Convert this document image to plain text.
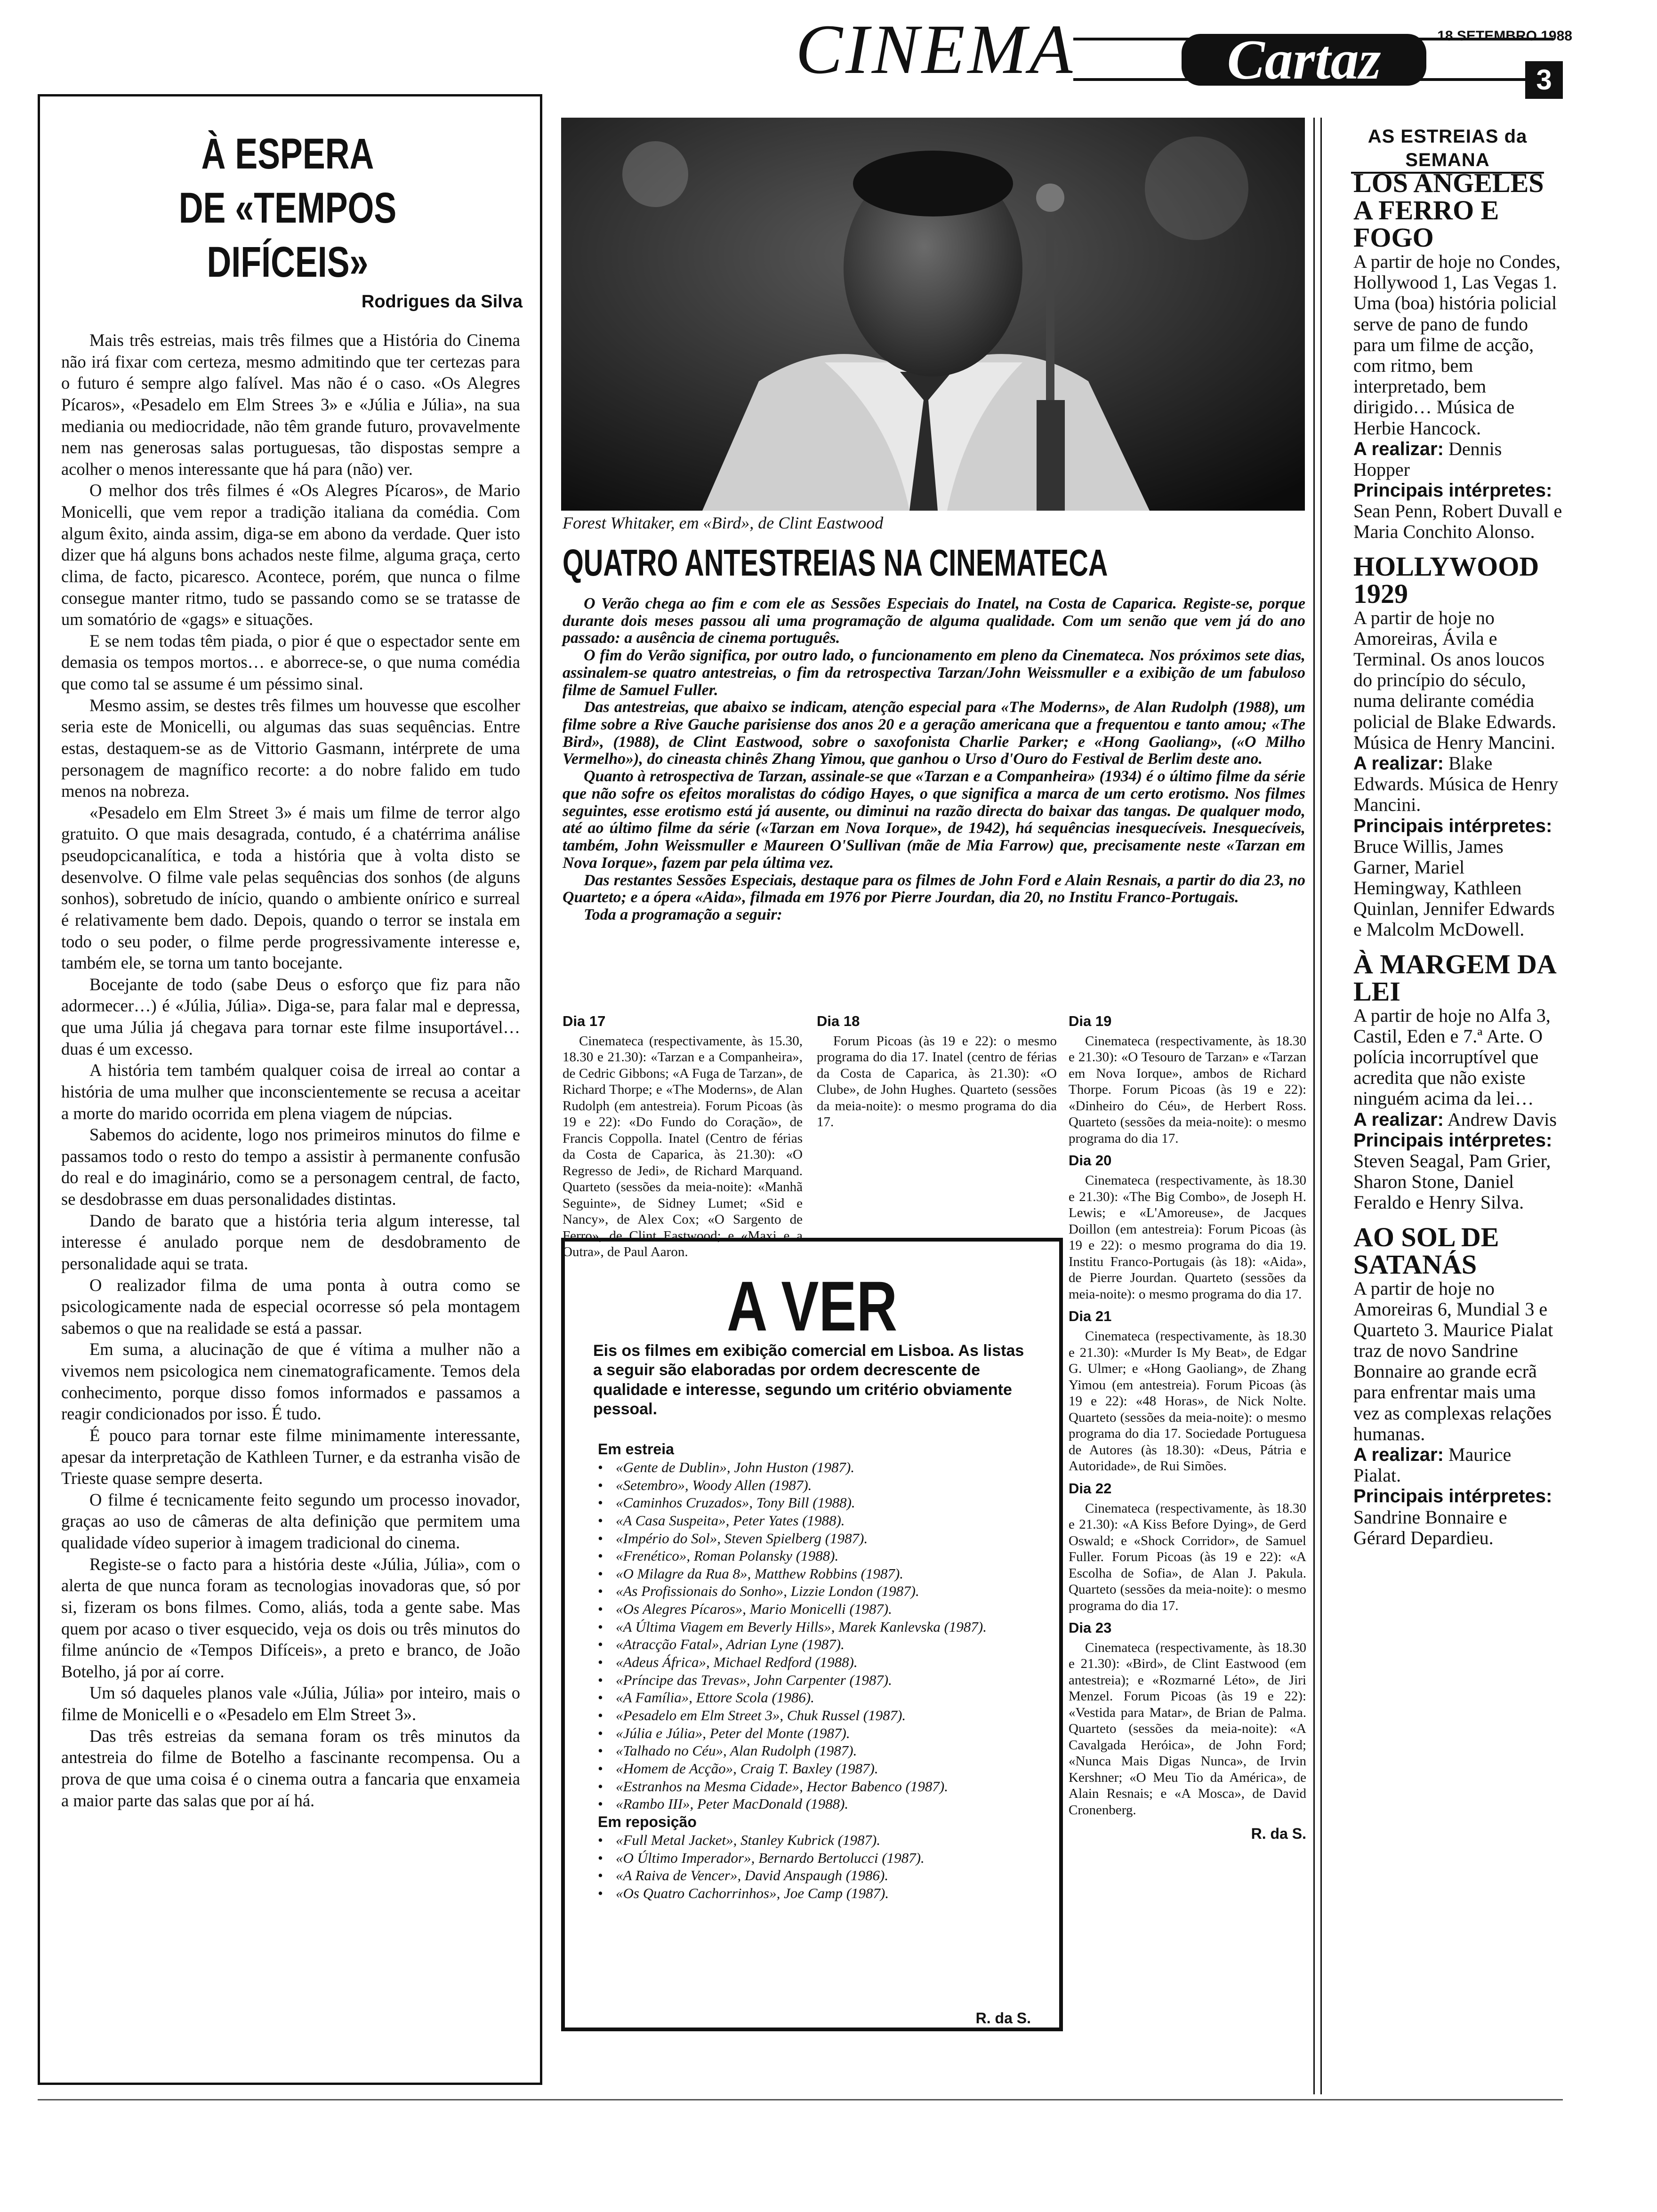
CINEMA	Cartaz	18 SETEMBRO 1988
3
À ESPERA
DE «TEMPOS DIFÍCEIS»
Rodrigues da Silva

Mais três estreias, mais três filmes que a História do Cinema não irá fixar com certeza, mesmo admitindo que ter certezas para o futuro é sempre algo falível. Mas não é o caso. «Os Alegres Pícaros», «Pesadelo em Elm Strees 3» e «Júlia e Júlia», na sua mediania ou mediocridade, não têm grande futuro, provavelmente nem nas generosas salas portuguesas, tão dispostas sempre a acolher o menos interessante que há para (não) ver.

O melhor dos três filmes é «Os Alegres Pícaros», de Mario Monicelli, que vem repor a tradição italiana da comédia. Com algum êxito, ainda assim, diga-se em abono da verdade. Quer isto dizer que há alguns bons achados neste filme, alguma graça, certo clima, de facto, picaresco. Acontece, porém, que nunca o filme consegue manter ritmo, tudo se passando como se se tratasse de um somatório de «gags» e situações.

E se nem todas têm piada, o pior é que o espectador sente em demasia os tempos mortos… e aborrece-se, o que numa comédia que como tal se assume é um péssimo sinal.

Mesmo assim, se destes três filmes um houvesse que escolher seria este de Monicelli, ou algumas das suas sequências. Entre estas, destaquem-se as de Vittorio Gasmann, intérprete de uma personagem de magnífico recorte: a do nobre falido em tudo menos na nobreza.

«Pesadelo em Elm Street 3» é mais um filme de terror algo gratuito. O que mais desagrada, contudo, é a chatérrima análise pseudopcicanalítica, e toda a história que à volta disto se desenvolve. O filme vale pelas sequências dos sonhos (de alguns sonhos), sobretudo de início, quando o ambiente onírico e surreal é relativamente bem dado. Depois, quando o terror se instala em todo o seu poder, o filme perde progressivamente interesse e, também ele, se torna um tanto bocejante.

Bocejante de todo (sabe Deus o esforço que fiz para não adormecer…) é «Júlia, Júlia». Diga-se, para falar mal e depressa, que uma Júlia já chegava para tornar este filme insuportável… duas é um excesso.

A história tem também qualquer coisa de irreal ao contar a história de uma mulher que inconscientemente se recusa a aceitar a morte do marido ocorrida em plena viagem de núpcias.

Sabemos do acidente, logo nos primeiros minutos do filme e passamos todo o resto do tempo a assistir à permanente confusão do real e do imaginário, como se a personagem central, de facto, se desdobrasse em duas personalidades distintas.

Dando de barato que a história teria algum interesse, tal interesse é anulado porque nem de desdobramento de personalidade aqui se trata.

O realizador filma de uma ponta à outra como se psicologicamente nada de especial ocorresse só pela montagem sabemos o que na realidade se está a passar.

Em suma, a alucinação de que é vítima a mulher não a vivemos nem psicologica nem cinematograficamente. Temos dela conhecimento, porque disso fomos informados e passamos a reagir condicionados por isso. É tudo.

É pouco para tornar este filme minimamente interessante, apesar da interpretação de Kathleen Turner, e da estranha visão de Trieste quase sempre deserta.

O filme é tecnicamente feito segundo um processo inovador, graças ao uso de câmeras de alta definição que permitem uma qualidade vídeo superior à imagem tradicional do cinema.

Registe-se o facto para a história deste «Júlia, Júlia», com o alerta de que nunca foram as tecnologias inovadoras que, só por si, fizeram os bons filmes. Como, aliás, toda a gente sabe. Mas quem por acaso o tiver esquecido, veja os dois ou três minutos do filme anúncio de «Tempos Difíceis», a preto e branco, de João Botelho, já por aí corre.

Um só daqueles planos vale «Júlia, Júlia» por inteiro, mais o filme de Monicelli e o «Pesadelo em Elm Street 3».

Das três estreias da semana foram os três minutos da antestreia do filme de Botelho a fascinante recompensa. Ou a prova de que uma coisa é o cinema outra a fancaria que enxameia a maior parte das salas que por aí há.

Forest Whitaker, em «Bird», de Clint Eastwood
QUATRO ANTESTREIAS NA CINEMATECA

O Verão chega ao fim e com ele as Sessões Especiais do Inatel, na Costa de Caparica. Registe-se, porque durante dois meses passou ali uma programação de alguma qualidade. Com um senão que vem já do ano passado: a ausência de cinema português.

O fim do Verão significa, por outro lado, o funcionamento em pleno da Cinemateca. Nos próximos sete dias, assinalem-se quatro antestreias, o fim da retrospectiva Tarzan/John Weissmuller e a exibição de um fabuloso filme de Samuel Fuller.

Das antestreias, que abaixo se indicam, atenção especial para «The Moderns», de Alan Rudolph (1988), um filme sobre a Rive Gauche parisiense dos anos 20 e a geração americana que a frequentou e tanto amou; «The Bird», (1988), de Clint Eastwood, sobre o saxofonista Charlie Parker; e «Hong Gaoliang», («O Milho Vermelho»), do cineasta chinês Zhang Yimou, que ganhou o Urso d'Ouro do Festival de Berlim deste ano.

Quanto à retrospectiva de Tarzan, assinale-se que «Tarzan e a Companheira» (1934) é o último filme da série que não sofre os efeitos moralistas do código Hayes, o que significa a marca de um certo erotismo. Nos filmes seguintes, esse erotismo está já ausente, ou diminui na razão directa do baixar das tangas. De qualquer modo, até ao último filme da série («Tarzan em Nova Iorque», de 1942), há sequências inesquecíveis. Inesquecíveis, também, John Weissmuller e Maureen O'Sullivan (mãe de Mia Farrow) que, precisamente neste «Tarzan em Nova Iorque», fazem par pela última vez.

Das restantes Sessões Especiais, destaque para os filmes de John Ford e Alain Resnais, a partir do dia 23, no Quarteto; e a ópera «Aida», filmada em 1976 por Pierre Jourdan, dia 20, no Institu Franco-Portugais.

Toda a programação a seguir:

Dia 17

Cinemateca (respectivamente, às 15.30, 18.30 e 21.30): «Tarzan e a Companheira», de Cedric Gibbons; «A Fuga de Tarzan», de Richard Thorpe; e «The Moderns», de Alan Rudolph (em antestreia). Forum Picoas (às 19 e 22): «Do Fundo do Coração», de Francis Coppolla. Inatel (Centro de férias da Costa de Caparica, às 21.30): «O Regresso de Jedi», de Richard Marquand. Quarteto (sessões da meia-noite): «Manhã Seguinte», de Sidney Lumet; «Sid e Nancy», de Alex Cox; «O Sargento de Ferro», de Clint Eastwood; e «Maxi e a Outra», de Paul Aaron.

Dia 18

Forum Picoas (às 19 e 22): o mesmo programa do dia 17. Inatel (centro de férias da Costa de Caparica, às 21.30): «O Clube», de John Hughes. Quarteto (sessões da meia-noite): o mesmo programa do dia 17.

Dia 19

Cinemateca (respectivamente, às 18.30 e 21.30): «O Tesouro de Tarzan» e «Tarzan em Nova Iorque», ambos de Richard Thorpe. Forum Picoas (às 19 e 22): «Dinheiro do Céu», de Herbert Ross. Quarteto (sessões da meia-noite): o mesmo programa do dia 17.

Dia 20

Cinemateca (respectivamente, às 18.30 e 21.30): «The Big Combo», de Joseph H. Lewis; e «L'Amoreuse», de Jacques Doillon (em antestreia): Forum Picoas (às 19 e 22): o mesmo programa do dia 19. Institu Franco-Portugais (às 18): «Aida», de Pierre Jourdan. Quarteto (sessões da meia-noite): o mesmo programa do dia 17.

Dia 21

Cinemateca (respectivamente, às 18.30 e 21.30): «Murder Is My Beat», de Edgar G. Ulmer; e «Hong Gaoliang», de Zhang Yimou (em antestreia). Forum Picoas (às 19 e 22): «48 Horas», de Nick Nolte. Quarteto (sessões da meia-noite): o mesmo programa do dia 17. Sociedade Portuguesa de Autores (às 18.30): «Deus, Pátria e Autoridade», de Rui Simões.

Dia 22

Cinemateca (respectivamente, às 18.30 e 21.30): «A Kiss Before Dying», de Gerd Oswald; e «Shock Corridor», de Samuel Fuller. Forum Picoas (às 19 e 22): «A Escolha de Sofia», de Alan J. Pakula. Quarteto (sessões da meia-noite): o mesmo programa do dia 17.

Dia 23

Cinemateca (respectivamente, às 18.30 e 21.30): «Bird», de Clint Eastwood (em antestreia); e «Rozmarné Léto», de Jiri Menzel. Forum Picoas (às 19 e 22): «Vestida para Matar», de Brian de Palma. Quarteto (sessões da meia-noite): «A Cavalgada Heróica», de John Ford; «Nunca Mais Digas Nunca», de Irvin Kershner; «O Meu Tio da América», de Alain Resnais; e «A Mosca», de David Cronenberg.

R. da S.
A VER
Eis os filmes em exibição comercial em Lisboa. As listas a seguir são elaboradas por ordem decrescente de qualidade e interesse, segundo um critério obviamente pessoal.
Em estreia
• «Gente de Dublin», John Huston (1987).
• «Setembro», Woody Allen (1987).
• «Caminhos Cruzados», Tony Bill (1988).
• «A Casa Suspeita», Peter Yates (1988).
• «Império do Sol», Steven Spielberg (1987).
• «Frenético», Roman Polansky (1988).
• «O Milagre da Rua 8», Matthew Robbins (1987).
• «As Profissionais do Sonho», Lizzie London (1987).
• «Os Alegres Pícaros», Mario Monicelli (1987).
• «A Última Viagem em Beverly Hills», Marek Kanlevska (1987).
• «Atracção Fatal», Adrian Lyne (1987).
• «Adeus África», Michael Redford (1988).
• «Príncipe das Trevas», John Carpenter (1987).
• «A Família», Ettore Scola (1986).
• «Pesadelo em Elm Street 3», Chuk Russel (1987).
• «Júlia e Júlia», Peter del Monte (1987).
• «Talhado no Céu», Alan Rudolph (1987).
• «Homem de Acção», Craig T. Baxley (1987).
• «Estranhos na Mesma Cidade», Hector Babenco (1987).
• «Rambo III», Peter MacDonald (1988).
Em reposição
• «Full Metal Jacket», Stanley Kubrick (1987).
• «O Último Imperador», Bernardo Bertolucci (1987).
• «A Raiva de Vencer», David Anspaugh (1986).
• «Os Quatro Cachorrinhos», Joe Camp (1987).
R. da S.
AS ESTREIAS da SEMANA
LOS ANGELES A FERRO E FOGO
A partir de hoje no Condes, Hollywood 1, Las Vegas 1. Uma (boa) história policial serve de pano de fundo para um filme de acção, com ritmo, bem interpretado, bem dirigido… Música de Herbie Hancock.
A realizar: Dennis Hopper
Principais intérpretes:
Sean Penn, Robert Duvall e Maria Conchito Alonso.
HOLLYWOOD 1929
A partir de hoje no Amoreiras, Ávila e Terminal. Os anos loucos do princípio do século, numa delirante comédia policial de Blake Edwards. Música de Henry Mancini.
A realizar: Blake Edwards. Música de Henry Mancini.
Principais intérpretes:
Bruce Willis, James Garner, Mariel Hemingway, Kathleen Quinlan, Jennifer Edwards e Malcolm McDowell.
À MARGEM DA LEI
A partir de hoje no Alfa 3, Castil, Eden e 7.ª Arte. O polícia incorruptível que acredita que não existe ninguém acima da lei…
A realizar: Andrew Davis
Principais intérpretes:
Steven Seagal, Pam Grier, Sharon Stone, Daniel Feraldo e Henry Silva.
AO SOL DE SATANÁS
A partir de hoje no Amoreiras 6, Mundial 3 e Quarteto 3. Maurice Pialat traz de novo Sandrine Bonnaire ao grande ecrã para enfrentar mais uma vez as complexas relações humanas.
A realizar: Maurice Pialat.
Principais intérpretes:
Sandrine Bonnaire e Gérard Depardieu.
